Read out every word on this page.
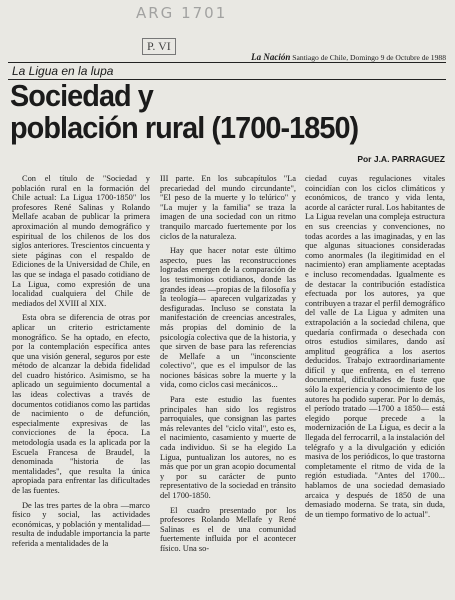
ARG 1701
P. VI
La Nación Santiago de Chile, Domingo 9 de Octubre de 1988
La Ligua en la lupa
Sociedad y
población rural (1700-1850)
Por J.A. PARRAGUEZ

Con el título de "Sociedad y población rural en la formación del Chile actual: La Ligua 1700-1850" los profesores René Salinas y Rolando Mellafe acaban de publicar la primera aproximación al mundo demográfico y espiritual de los chilenos de los dos siglos anteriores. Trescientos cincuenta y siete páginas con el respaldo de Ediciones de la Universidad de Chile, en las que se indaga el pasado cotidiano de La Ligua, como expresión de una localidad cualquiera del Chile de mediados del XVIII al XIX.

Esta obra se diferencia de otras por aplicar un criterio estrictamente monográfico. Se ha optado, en efecto, por la contemplación específica antes que una visión general, seguros por este método de alcanzar la debida fidelidad del cuadro histórico. Asimismo, se ha aplicado un seguimiento documental a las ideas colectivas a través de documentos cotidianos como las partidas de nacimiento o de defunción, especialmente expresivas de las convicciones de la época. La metodología usada es la aplicada por la Escuela Francesa de Braudel, la denominada "historia de las mentalidades", que resulta la única apropiada para enfrentar las dificultades de las fuentes.

De las tres partes de la obra —marco físico y social, las actividades económicas, y población y mentalidad— resulta de indudable importancia la parte referida a mentalidades de la

III parte. En los subcapítulos "La precariedad del mundo circundante", "El peso de la muerte y lo telúrico" y "La mujer y la familia" se traza la imagen de una sociedad con un ritmo tranquilo marcado fuertemente por los ciclos de la naturaleza.

Hay que hacer notar este último aspecto, pues las reconstrucciones logradas emergen de la comparación de los testimonios cotidianos, donde las grandes ideas —propias de la filosofía y la teología— aparecen vulgarizadas y desfiguradas. Incluso se constata la manifestación de creencias ancestrales, más propias del dominio de la psicología colectiva que de la historia, y que sirven de base para las referencias de Mellafe a un "inconsciente colectivo", que es el impulsor de las nociones básicas sobre la muerte y la vida, como ciclos casi mecánicos...

Para este estudio las fuentes principales han sido los registros parroquiales, que consignan las partes más relevantes del "ciclo vital", esto es, el nacimiento, casamiento y muerte de cada individuo. Si se ha elegido La Ligua, puntualizan los autores, no es más que por un gran acopio documental y por su carácter de punto representativo de la sociedad en tránsito del 1700-1850.

El cuadro presentado por los profesores Rolando Mellafe y René Salinas es el de una comunidad fuertemente influida por el acontecer físico. Una so-

ciedad cuyas regulaciones vitales coincidían con los ciclos climáticos y económicos, de tranco y vida lenta, acorde al carácter rural. Los habitantes de La Ligua revelan una compleja estructura en sus creencias y convenciones, no todas acordes a las imaginadas, y en las que algunas situaciones consideradas como anormales (la ilegitimidad en el nacimiento) eran ampliamente aceptadas e incluso recomendadas. Igualmente es de destacar la contribución estadística efectuada por los autores, ya que contribuyen a trazar el perfil demográfico del valle de La Ligua y admiten una extrapolación a la sociedad chilena, que quedaría confirmada o desechada con otros estudios similares, dando así amplitud geográfica a los asertos deducidos. Trabajo extraordinariamente difícil y que enfrenta, en el terreno documental, dificultades de fuste que sólo la experiencia y conocimiento de los autores ha podido superar. Por lo demás, el período tratado —1700 a 1850— está elegido porque precede a la modernización de La Ligua, es decir a la llegada del ferrocarril, a la instalación del telégrafo y a la divulgación y edición masiva de los periódicos, lo que trastorna completamente el ritmo de vida de la región estudiada. "Antes del 1700... hablamos de una sociedad demasiado arcaica y después de 1850 de una demasiado moderna. Se trata, sin duda, de un tiempo formativo de lo actual".
